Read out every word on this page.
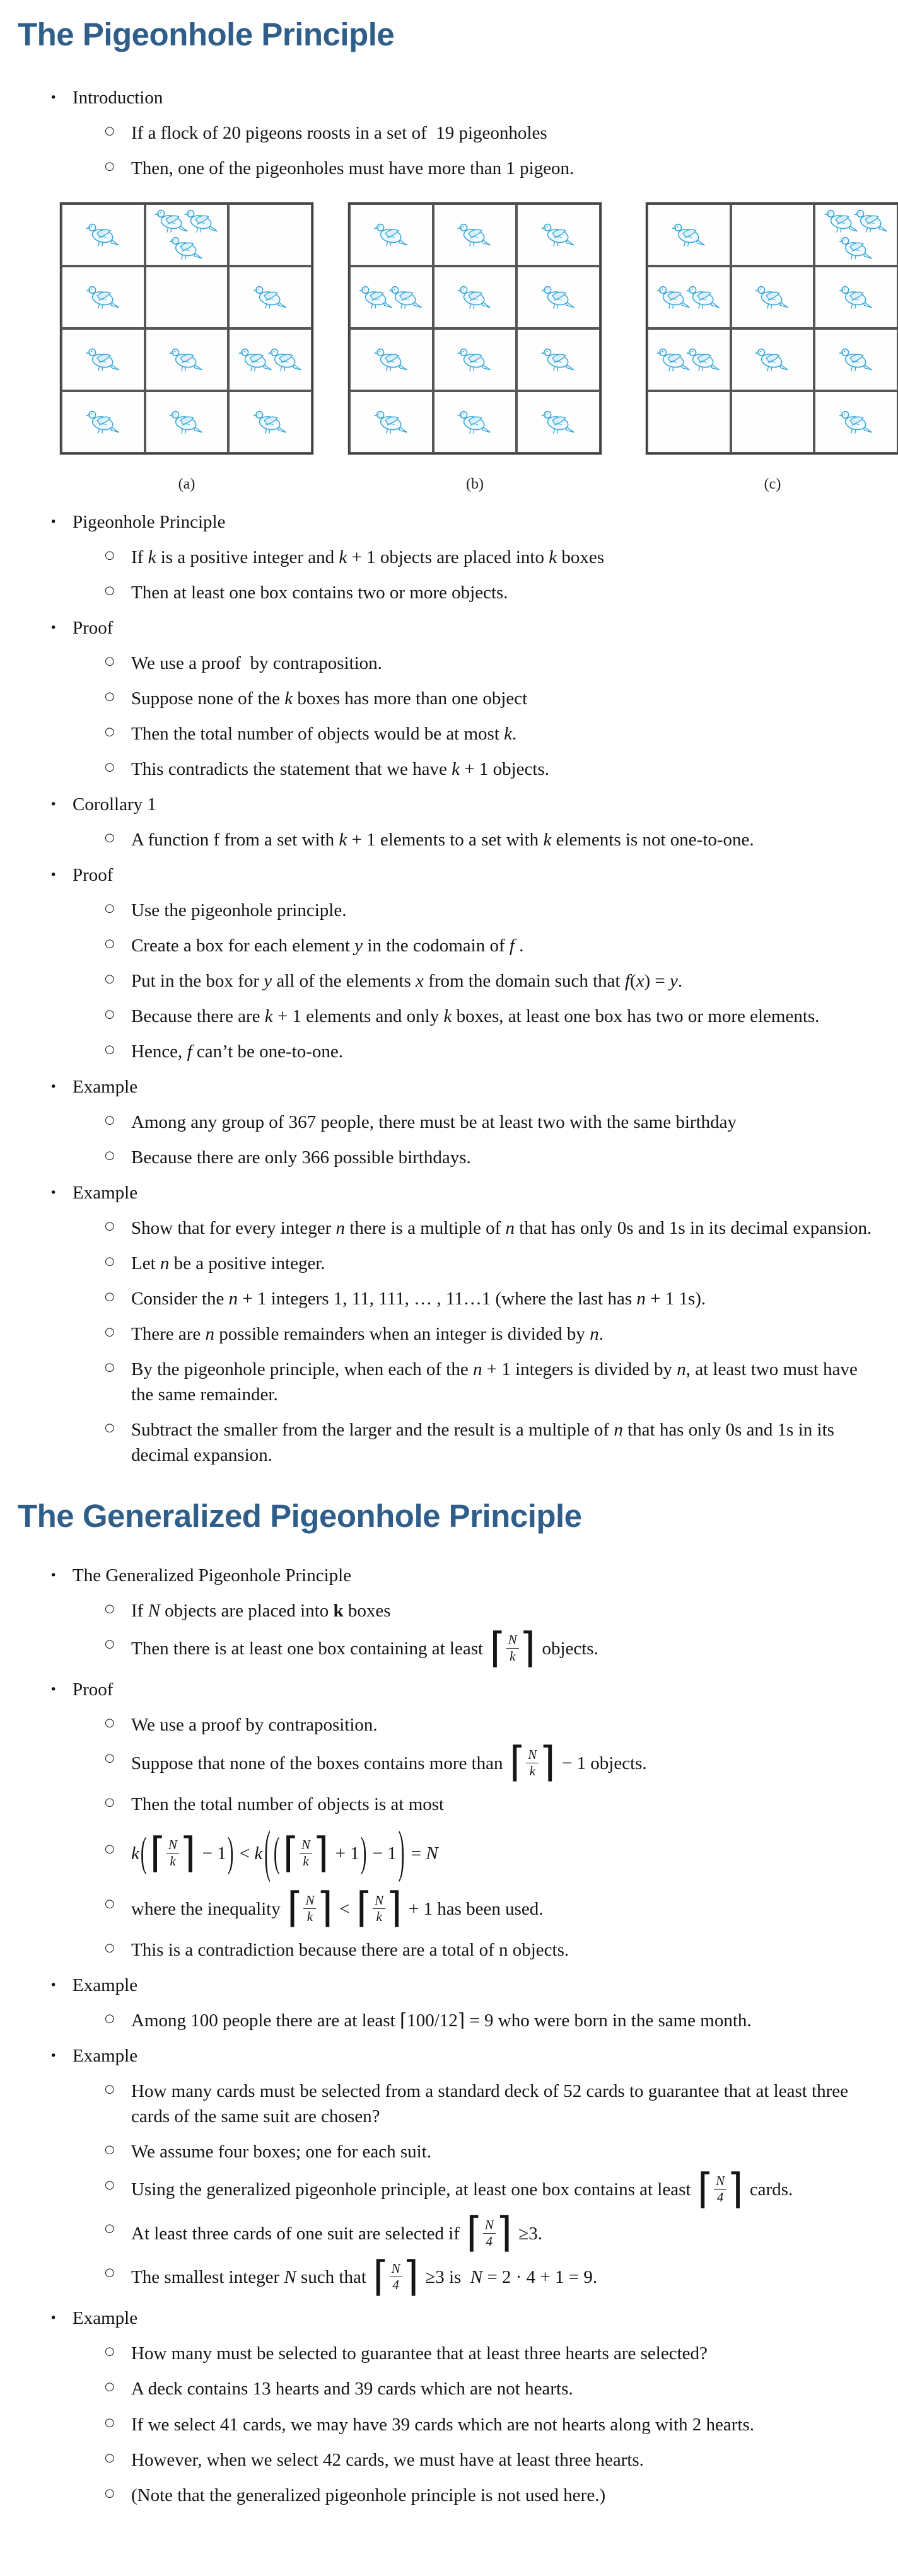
The Pigeonhole Principle
• Introduction
○ If a flock of 20 pigeons roosts in a set of  19 pigeonholes
○ Then, one of the pigeonholes must have more than 1 pigeon.
(a)	(b)	(c)
• Pigeonhole Principle
○ If k is a positive integer and k + 1 objects are placed into k boxes
○ Then at least one box contains two or more objects.
• Proof
○ We use a proof  by contraposition.
○ Suppose none of the k boxes has more than one object
○ Then the total number of objects would be at most k.
○ This contradicts the statement that we have k + 1 objects.
• Corollary 1
○ A function f from a set with k + 1 elements to a set with k elements is not one-to-one.
• Proof
○ Use the pigeonhole principle.
○ Create a box for each element y in the codomain of f .
○ Put in the box for y all of the elements x from the domain such that f(x) = y.
○ Because there are k + 1 elements and only k boxes, at least one box has two or more elements.
○ Hence, f can’t be one-to-one.
• Example
○ Among any group of 367 people, there must be at least two with the same birthday
○ Because there are only 366 possible birthdays.
• Example
○ Show that for every integer n there is a multiple of n that has only 0s and 1s in its decimal expansion.
○ Let n be a positive integer.
○ Consider the n + 1 integers 1, 11, 111, … , 11…1 (where the last has n + 1 1s).
○ There are n possible remainders when an integer is divided by n.
○ By the pigeonhole principle, when each of the n + 1 integers is divided by n, at least two must have the same remainder.
○ Subtract the smaller from the larger and the result is a multiple of n that has only 0s and 1s in its decimal expansion.
The Generalized Pigeonhole Principle
• The Generalized Pigeonhole Principle
○ If N objects are placed into k boxes
○ Then there is at least one box containing at least ⌈ $\frac{N}{k}$ ⌉ objects.
• Proof
○ We use a proof by contraposition.
○ Suppose that none of the boxes contains more than ⌈ $\frac{N}{k}$ ⌉ − 1 objects.
○ Then the total number of objects is at most
○ k( ⌈ $\frac{N}{k}$ ⌉ − 1) < k ( ( ⌈ $\frac{N}{k}$ ⌉ + 1) − 1 ) = N
○ where the inequality ⌈ $\frac{N}{k}$ ⌉ < ⌈ $\frac{N}{k}$ ⌉ + 1 has been used.
○ This is a contradiction because there are a total of n objects.
• Example
○ Among 100 people there are at least ⌈100/12⌉ = 9 who were born in the same month.
• Example
○ How many cards must be selected from a standard deck of 52 cards to guarantee that at least three cards of the same suit are chosen?
○ We assume four boxes; one for each suit.
○ Using the generalized pigeonhole principle, at least one box contains at least ⌈ $\frac{N}{4}$ ⌉ cards.
○ At least three cards of one suit are selected if ⌈ $\frac{N}{4}$ ⌉ ≥3.
○ The smallest integer N such that ⌈ $\frac{N}{4}$ ⌉ ≥3 is  N = 2 · 4 + 1 = 9.
• Example
○ How many must be selected to guarantee that at least three hearts are selected?
○ A deck contains 13 hearts and 39 cards which are not hearts.
○ If we select 41 cards, we may have 39 cards which are not hearts along with 2 hearts.
○ However, when we select 42 cards, we must have at least three hearts.
○ (Note that the generalized pigeonhole principle is not used here.)
